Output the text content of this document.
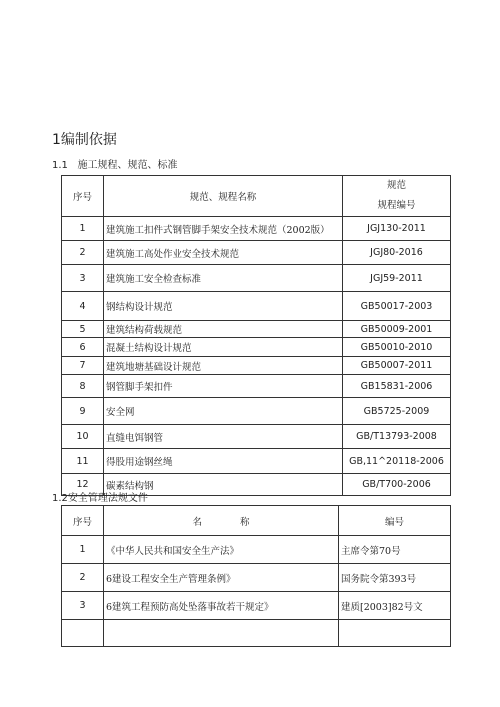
1编制依据
1.1 施工规程、规范、标准
序号	规范、规程名称	规范
规程编号

1	建筑施工扣件式钢管脚手架安全技术规范（2002版）	JGJ130-2011
2	建筑施工高处作业安全技术规范	JGJ80-2016
3	建筑施工安全检查标准	JGJ59-2011
4	钢结构设计规范	GB50017-2003
5	建筑结构荷载规范	GB50009-2001
6	混凝土结构设计规范	GB50010-2010
7	建筑地塘基础设计规范	GB50007-2011
8	钢管脚手架扣件	GB15831-2006
9	安全网	GB5725-2009
10	直缝电饵钢管	GB/T13793-2008
11	得股用途钢丝绳	GB,11^20118-2006
12	碳素结构钢	GB/T700-2006
1.2安全管理法规文件
序号	名　　　　称	编号
1	《中华人民共和国安全生产法》	主席令第70号
2	6建设工程安全生产管理条例》	国务院令第393号
3	6建筑工程预防高处坠落事故若干规定》	建质[2003]82号文
